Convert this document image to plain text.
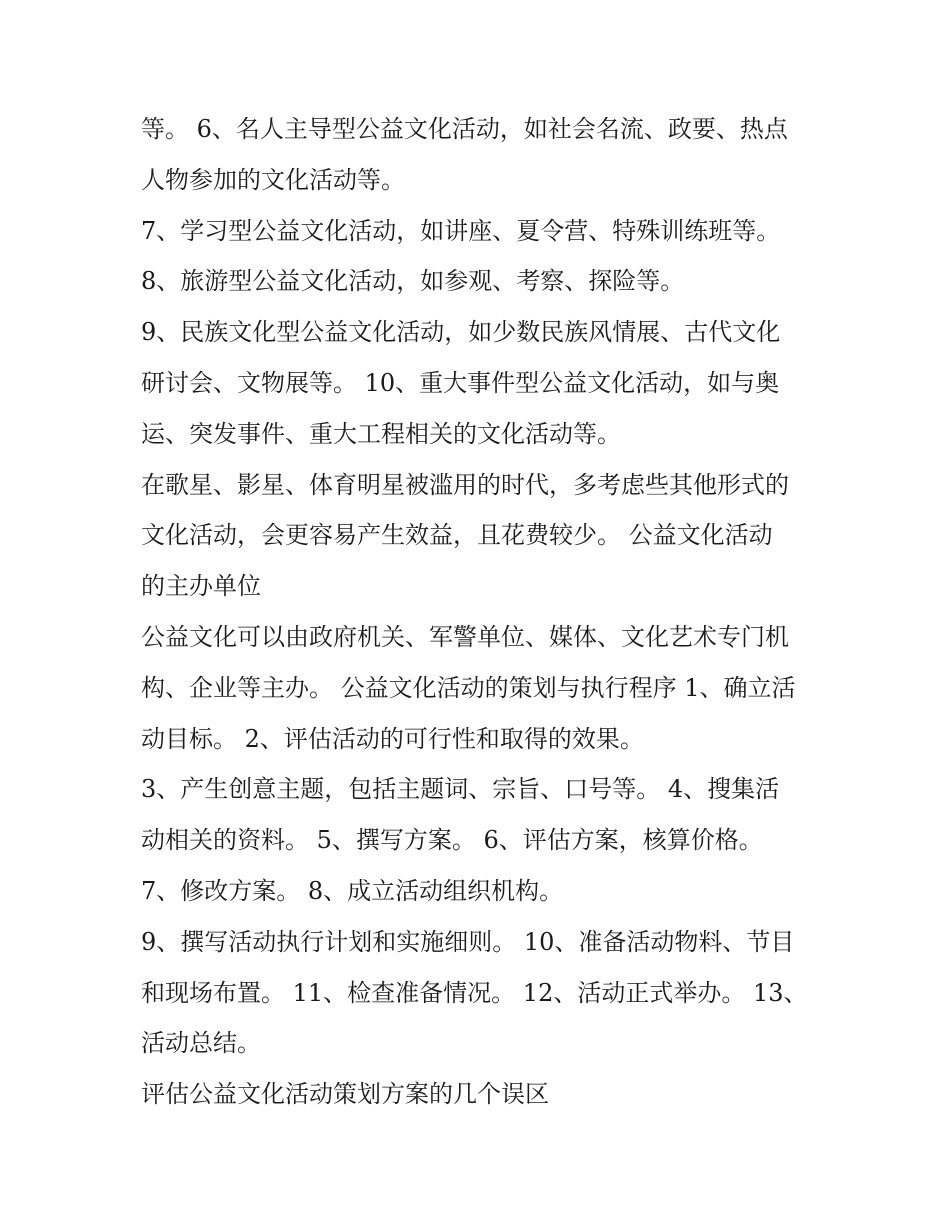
等。 6、名人主导型公益文化活动，如社会名流、政要、热点
人物参加的文化活动等。
7、学习型公益文化活动，如讲座、夏令营、特殊训练班等。
8、旅游型公益文化活动，如参观、考察、探险等。
9、民族文化型公益文化活动，如少数民族风情展、古代文化
研讨会、文物展等。 10、重大事件型公益文化活动，如与奥
运、突发事件、重大工程相关的文化活动等。
在歌星、影星、体育明星被滥用的时代，多考虑些其他形式的
文化活动，会更容易产生效益，且花费较少。 公益文化活动
的主办单位
公益文化可以由政府机关、军警单位、媒体、文化艺术专门机
构、企业等主办。 公益文化活动的策划与执行程序 1、确立活
动目标。 2、评估活动的可行性和取得的效果。
3、产生创意主题，包括主题词、宗旨、口号等。 4、搜集活
动相关的资料。 5、撰写方案。 6、评估方案，核算价格。
7、修改方案。 8、成立活动组织机构。
9、撰写活动执行计划和实施细则。 10、准备活动物料、节目
和现场布置。 11、检查准备情况。 12、活动正式举办。 13、
活动总结。
评估公益文化活动策划方案的几个误区
